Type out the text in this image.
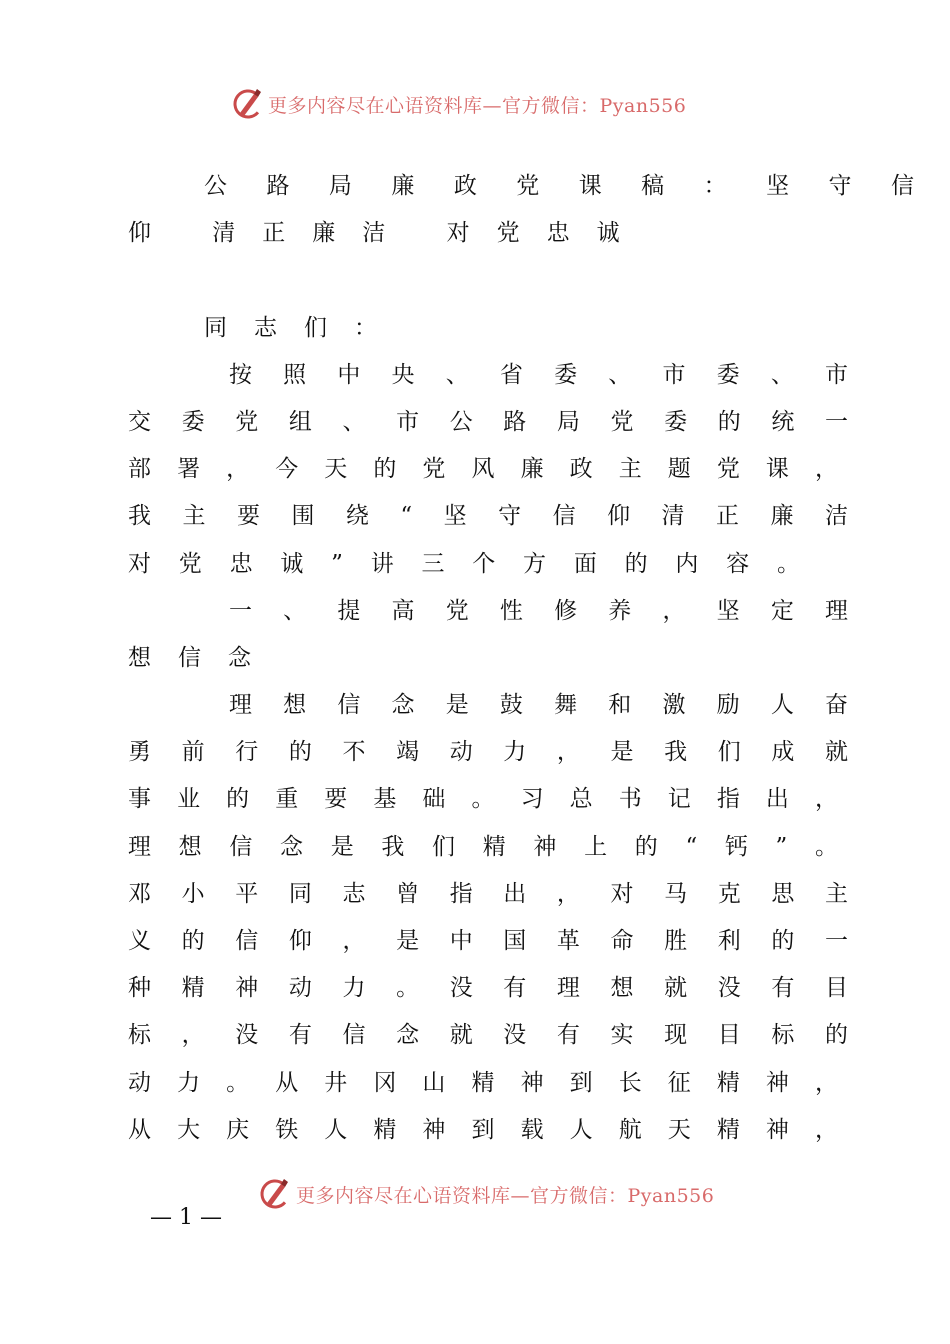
更多内容尽在心语资料库—官方微信：Pyan556
公路局廉政党课稿：坚守信
仰 清正廉洁 对党忠诚
同志们：
按照中央、省委、市委、市
交委党组、市公路局党委的统一
部署，今天的党风廉政主题党课，
我主要围绕“坚守信仰清正廉洁
对党忠诚”讲三个方面的内容。
一、提高党性修养，坚定理
想信念
理想信念是鼓舞和激励人奋
勇前行的不竭动力，是我们成就
事业的重要基础。习总书记指出，
理想信念是我们精神上的“钙”。
邓小平同志曾指出，对马克思主
义的信仰，是中国革命胜利的一
种精神动力。没有理想就没有目
标，没有信念就没有实现目标的
动力。从井冈山精神到长征精神，
从大庆铁人精神到载人航天精神，
更多内容尽在心语资料库—官方微信：Pyan556
— 1 —
